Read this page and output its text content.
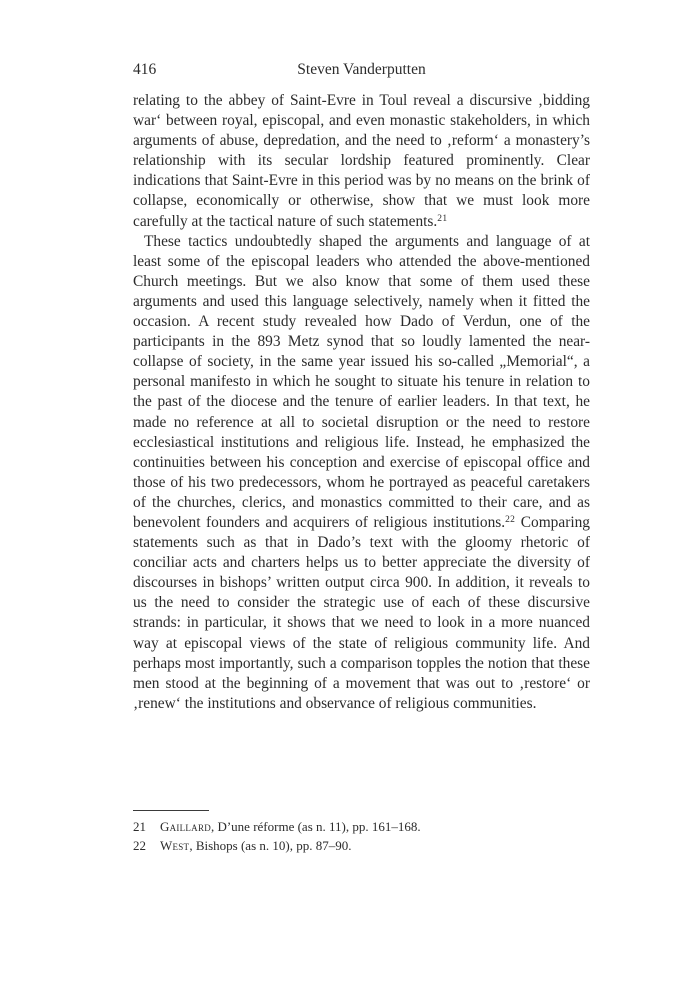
416	Steven Vanderputten

relating to the abbey of Saint-Evre in Toul reveal a discursive ‚bidding war‘ between royal, episcopal, and even monastic stakeholders, in which arguments of abuse, depredation, and the need to ‚reform‘ a monastery’s relationship with its secular lordship featured prominently. Clear indications that Saint-Evre in this period was by no means on the brink of collapse, economically or otherwise, show that we must look more carefully at the tactical nature of such statements.$^{21}$

These tactics undoubtedly shaped the arguments and language of at least some of the episcopal leaders who attended the above-mentioned Church meetings. But we also know that some of them used these arguments and used this language selectively, namely when it fitted the occasion. A recent study revealed how Dado of Verdun, one of the participants in the 893 Metz synod that so loudly lamented the near-collapse of society, in the same year issued his so-called „Memorial“, a personal manifesto in which he sought to situate his tenure in relation to the past of the diocese and the tenure of earlier leaders. In that text, he made no reference at all to societal disruption or the need to restore ecclesiastical institutions and religious life. Instead, he emphasized the continuities between his conception and exercise of episcopal office and those of his two predecessors, whom he portrayed as peaceful caretakers of the churches, clerics, and monastics committed to their care, and as benevolent founders and acquirers of religious institutions.$^{22}$ Comparing statements such as that in Dado’s text with the gloomy rhetoric of conciliar acts and charters helps us to better appreciate the diversity of discourses in bishops’ written output circa 900. In addition, it reveals to us the need to consider the strategic use of each of these discursive strands: in particular, it shows that we need to look in a more nuanced way at episcopal views of the state of religious community life. And perhaps most importantly, such a comparison topples the notion that these men stood at the beginning of a movement that was out to ‚restore‘ or ‚renew‘ the institutions and observance of religious communities.

21	Gaillard, D’une réforme (as n. 11), pp. 161–168.
22	West, Bishops (as n. 10), pp. 87–90.
